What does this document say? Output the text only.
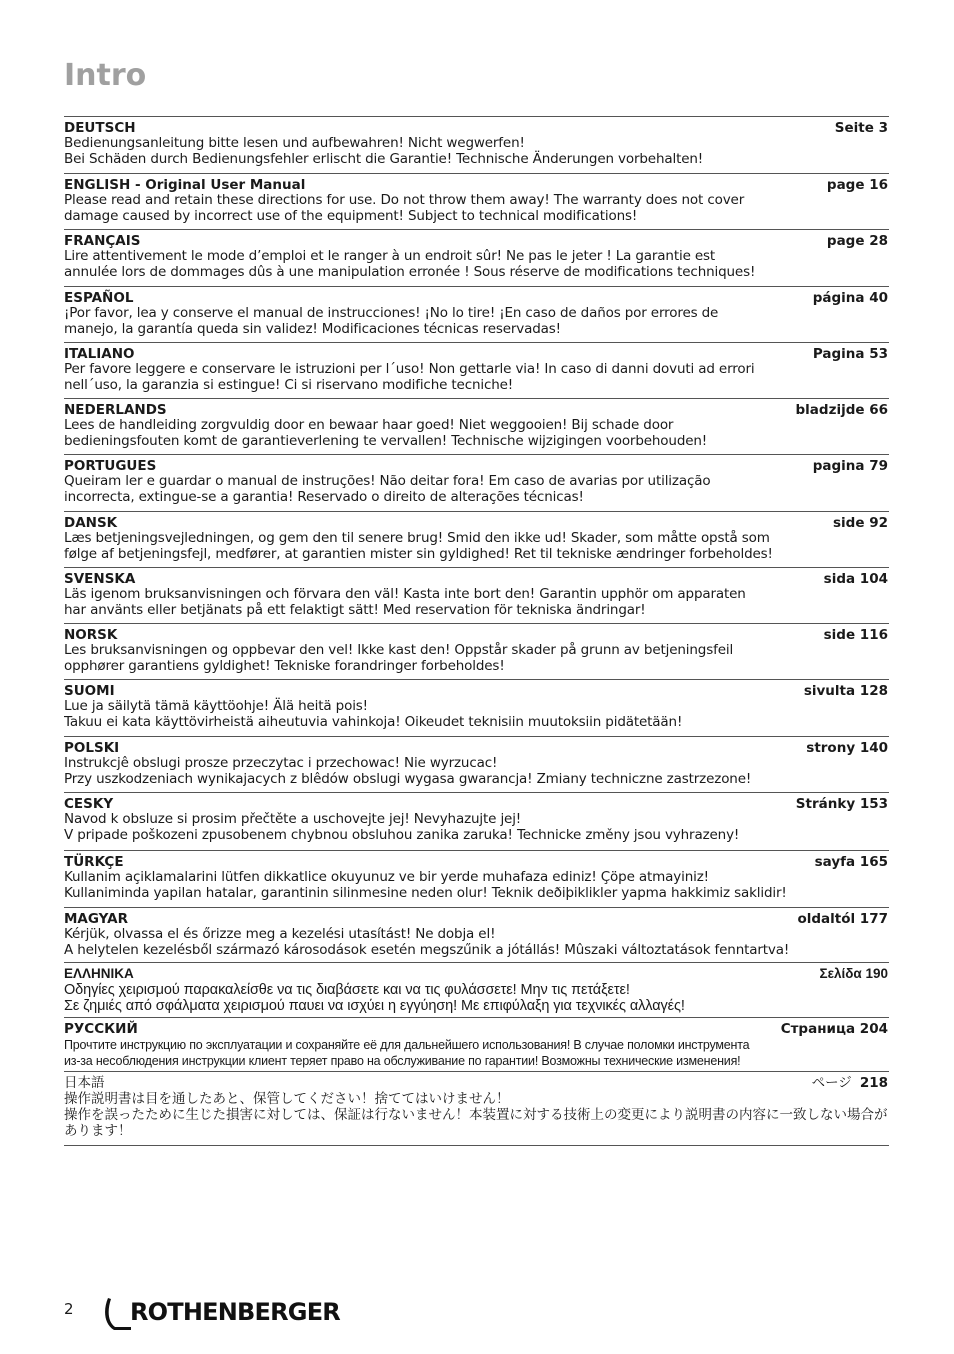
Intro
DEUTSCH	Seite 3

Bedienungsanleitung bitte lesen und aufbewahren! Nicht wegwerfen!

Bei Schäden durch Bedienungsfehler erlischt die Garantie! Technische Änderungen vorbehalten!

ENGLISH - Original User Manual	page 16

Please read and retain these directions for use. Do not throw them away! The warranty does not cover

damage caused by incorrect use of the equipment! Subject to technical modifications!

FRANÇAIS	page 28

Lire attentivement le mode d’emploi et le ranger à un endroit sûr! Ne pas le jeter ! La garantie est

annulée lors de dommages dûs à une manipulation erronée ! Sous réserve de modifications techniques!

ESPAÑOL	página 40

¡Por favor, lea y conserve el manual de instrucciones! ¡No lo tire! ¡En caso de daños por errores de

manejo, la garantía queda sin validez! Modificaciones técnicas reservadas!

ITALIANO	Pagina 53

Per favore leggere e conservare le istruzioni per l´uso! Non gettarle via! In caso di danni dovuti ad errori

nell´uso, la garanzia si estingue! Ci si riservano modifiche tecniche!

NEDERLANDS	bladzijde 66

Lees de handleiding zorgvuldig door en bewaar haar goed! Niet weggooien! Bij schade door

bedieningsfouten komt de garantieverlening te vervallen! Technische wijzigingen voorbehouden!

PORTUGUES	pagina 79

Queiram ler e guardar o manual de instruções! Não deitar fora! Em caso de avarias por utilização

incorrecta, extingue-se a garantia! Reservado o direito de alterações técnicas!

DANSK	side 92

Læs betjeningsvejledningen, og gem den til senere brug! Smid den ikke ud! Skader, som måtte opstå som

følge af betjeningsfejl, medfører, at garantien mister sin gyldighed! Ret til tekniske ændringer forbeholdes!

SVENSKA	sida 104

Läs igenom bruksanvisningen och förvara den väl! Kasta inte bort den! Garantin upphör om apparaten

har använts eller betjänats på ett felaktigt sätt! Med reservation för tekniska ändringar!

NORSK	side 116

Les bruksanvisningen og oppbevar den vel! Ikke kast den! Oppstår skader på grunn av betjeningsfeil

opphører garantiens gyldighet! Tekniske forandringer forbeholdes!

SUOMI	sivulta 128

Lue ja säilytä tämä käyttöohje! Älä heitä pois!

Takuu ei kata käyttövirheistä aiheutuvia vahinkoja! Oikeudet teknisiin muutoksiin pidätetään!

POLSKI	strony 140

Instrukcjê obslugi prosze przeczytac i przechowac! Nie wyrzucac!

Przy uszkodzeniach wynikajacych z blêdów obslugi wygasa gwarancja! Zmiany techniczne zastrzezone!

CESKY	Stránky 153

Navod k obsluze si prosim přečtěte a uschovejte jej! Nevyhazujte jej!

V pripade poškozeni zpusobenem chybnou obsluhou zanika zaruka! Technicke změny jsou vyhrazeny!

TÜRKÇE	sayfa 165

Kullanim açiklamalarini lütfen dikkatlice okuyunuz ve bir yerde muhafaza ediniz! Çöpe atmayiniz!

Kullaniminda yapilan hatalar, garantinin silinmesine neden olur! Teknik deðiþiklikler yapma hakkimiz saklidir!

MAGYAR	oldaltól 177

Kérjük, olvassa el és őrizze meg a kezelési utasítást! Ne dobja el!

A helytelen kezelésből származó károsodások esetén megszűnik a jótállás! Mûszaki változtatások fenntartva!

ΕΛΛΗΝΙΚΑ	Σελίδα 190

Οδηγίες χειρισμού παρακαλείσθε να τις διαβάσετε και να τις φυλάσσετε! Μην τις πετάξετε!

Σε ζημιές από σφάλματα χειρισμού παυει να ισχύει η εγγύηση! Με επιφύλαξη για τεχνικές αλλαγές!

РУССКИЙ	Страница 204

Прочтите инструкцию по эксплуатации и сохраняйте её для дальнейшего использования! В случае поломки инструмента

из-за несоблюдения инструкции клиент теряет право на обслуживание по гарантии! Возможны технические изменения!

日本語	ページ 218

操作説明書は目を通したあと、保管してください！捨ててはいけません！

操作を誤ったために生じた損害に対しては、保証は行ないません！本装置に対する技術上の変更により説明書の内容に一致しない場合があります！

2 ROTHENBERGER
